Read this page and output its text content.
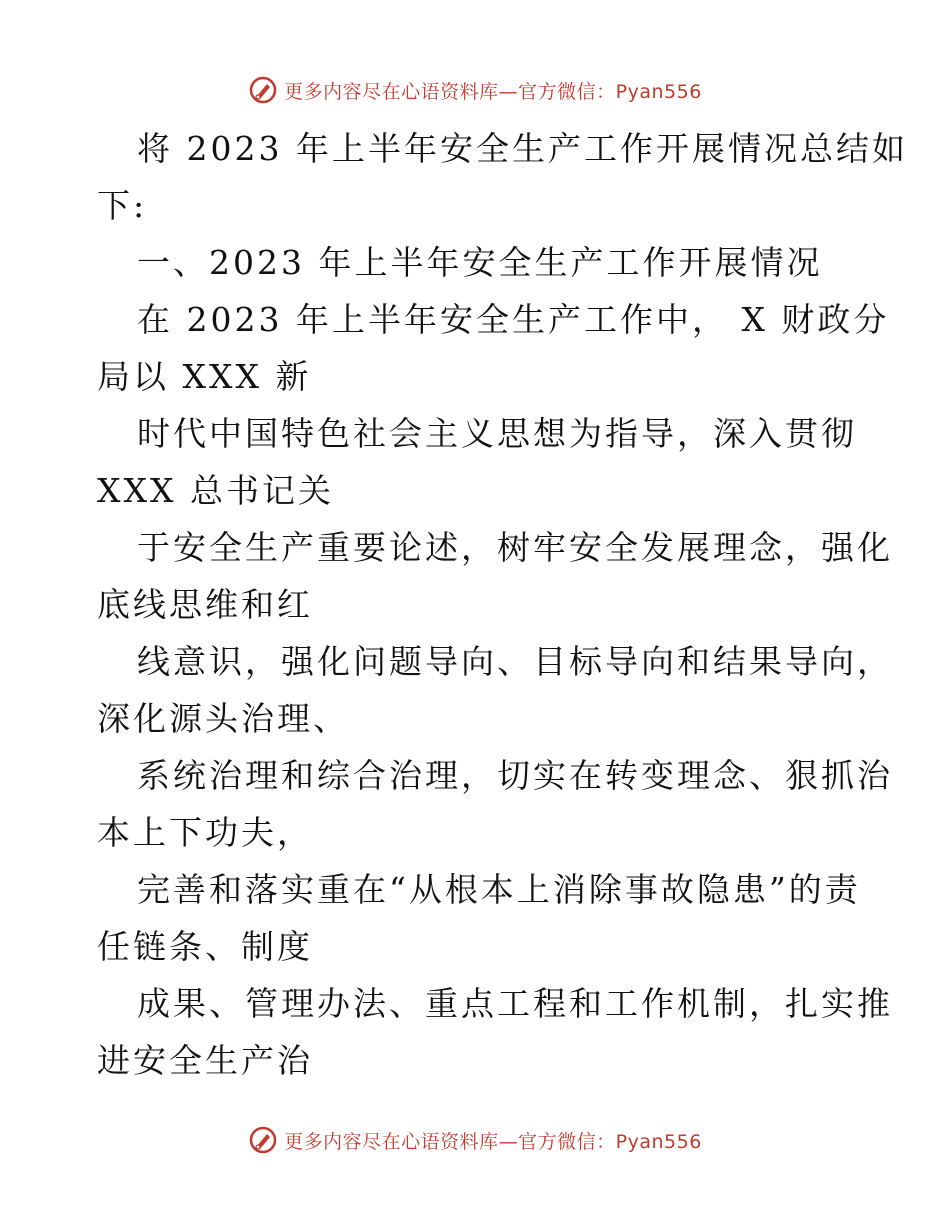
更多内容尽在心语资料库—官方微信：Pyan556
将 2023 年上半年安全生产工作开展情况总结如
下:
一、2023 年上半年安全生产工作开展情况
在 2023 年上半年安全生产工作中， X 财政分
局以 XXX 新
时代中国特色社会主义思想为指导，深入贯彻
XXX 总书记关
于安全生产重要论述，树牢安全发展理念，强化
底线思维和红
线意识，强化问题导向、目标导向和结果导向，
深化源头治理、
系统治理和综合治理，切实在转变理念、狠抓治
本上下功夫，
完善和落实重在“从根本上消除事故隐患”的责
任链条、制度
成果、管理办法、重点工程和工作机制，扎实推
进安全生产治
更多内容尽在心语资料库—官方微信：Pyan556
